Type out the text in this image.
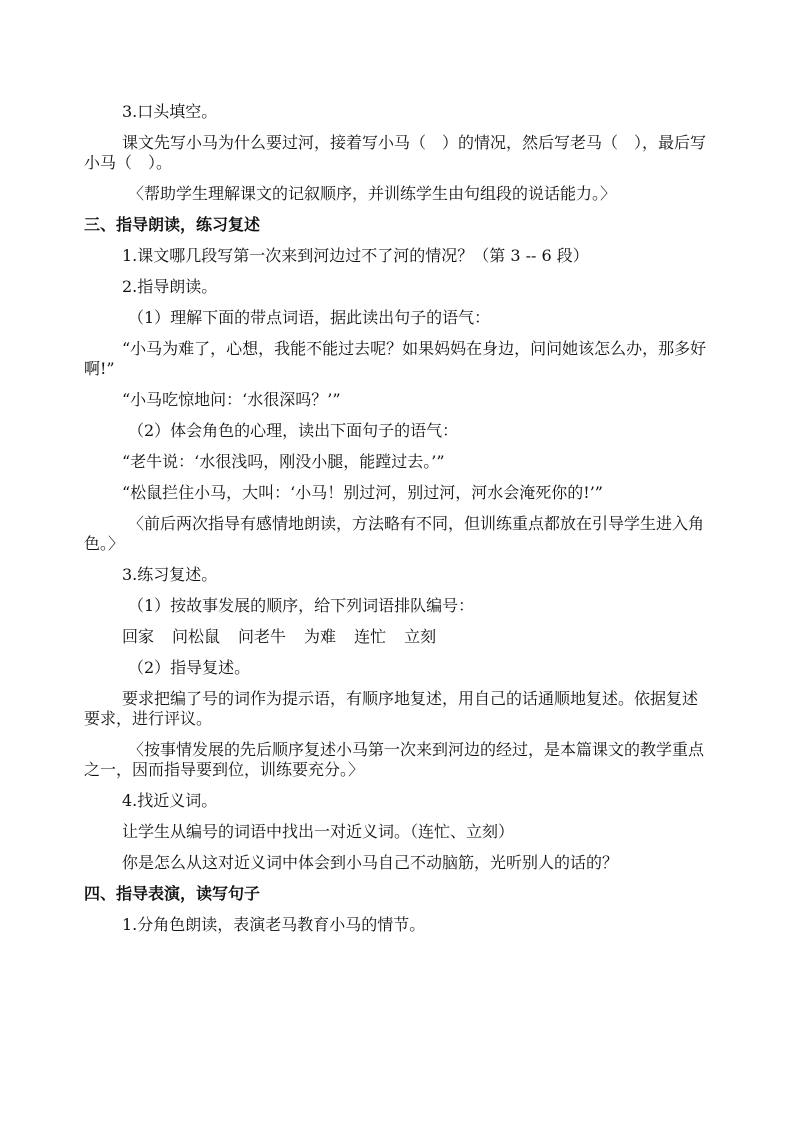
3.口头填空。
课文先写小马为什么要过河，接着写小马（　）的情况，然后写老马（　），最后写小马（　）。
〈帮助学生理解课文的记叙顺序，并训练学生由句组段的说话能力。〉
三、指导朗读，练习复述
1.课文哪几段写第一次来到河边过不了河的情况？（第 3 -- 6 段）
2.指导朗读。
（1）理解下面的带点词语，据此读出句子的语气：
“小马为难了，心想，我能不能过去呢？如果妈妈在身边，问问她该怎么办，那多好啊!”
“小马吃惊地问：‘水很深吗？’”
（2）体会角色的心理，读出下面句子的语气：
“老牛说：‘水很浅吗，刚没小腿，能蹚过去。’”
“松鼠拦住小马，大叫：‘小马！别过河，别过河，河水会淹死你的!’”
〈前后两次指导有感情地朗读，方法略有不同，但训练重点都放在引导学生进入角色。〉
3.练习复述。
（1）按故事发展的顺序，给下列词语排队编号：
回家 问松鼠 问老牛 为难 连忙 立刻
（2）指导复述。
要求把编了号的词作为提示语，有顺序地复述，用自己的话通顺地复述。依据复述要求，进行评议。
〈按事情发展的先后顺序复述小马第一次来到河边的经过，是本篇课文的教学重点之一，因而指导要到位，训练要充分。〉
4.找近义词。
让学生从编号的词语中找出一对近义词。（连忙、立刻）
你是怎么从这对近义词中体会到小马自己不动脑筋，光听别人的话的？
四、指导表演，读写句子
1.分角色朗读，表演老马教育小马的情节。
